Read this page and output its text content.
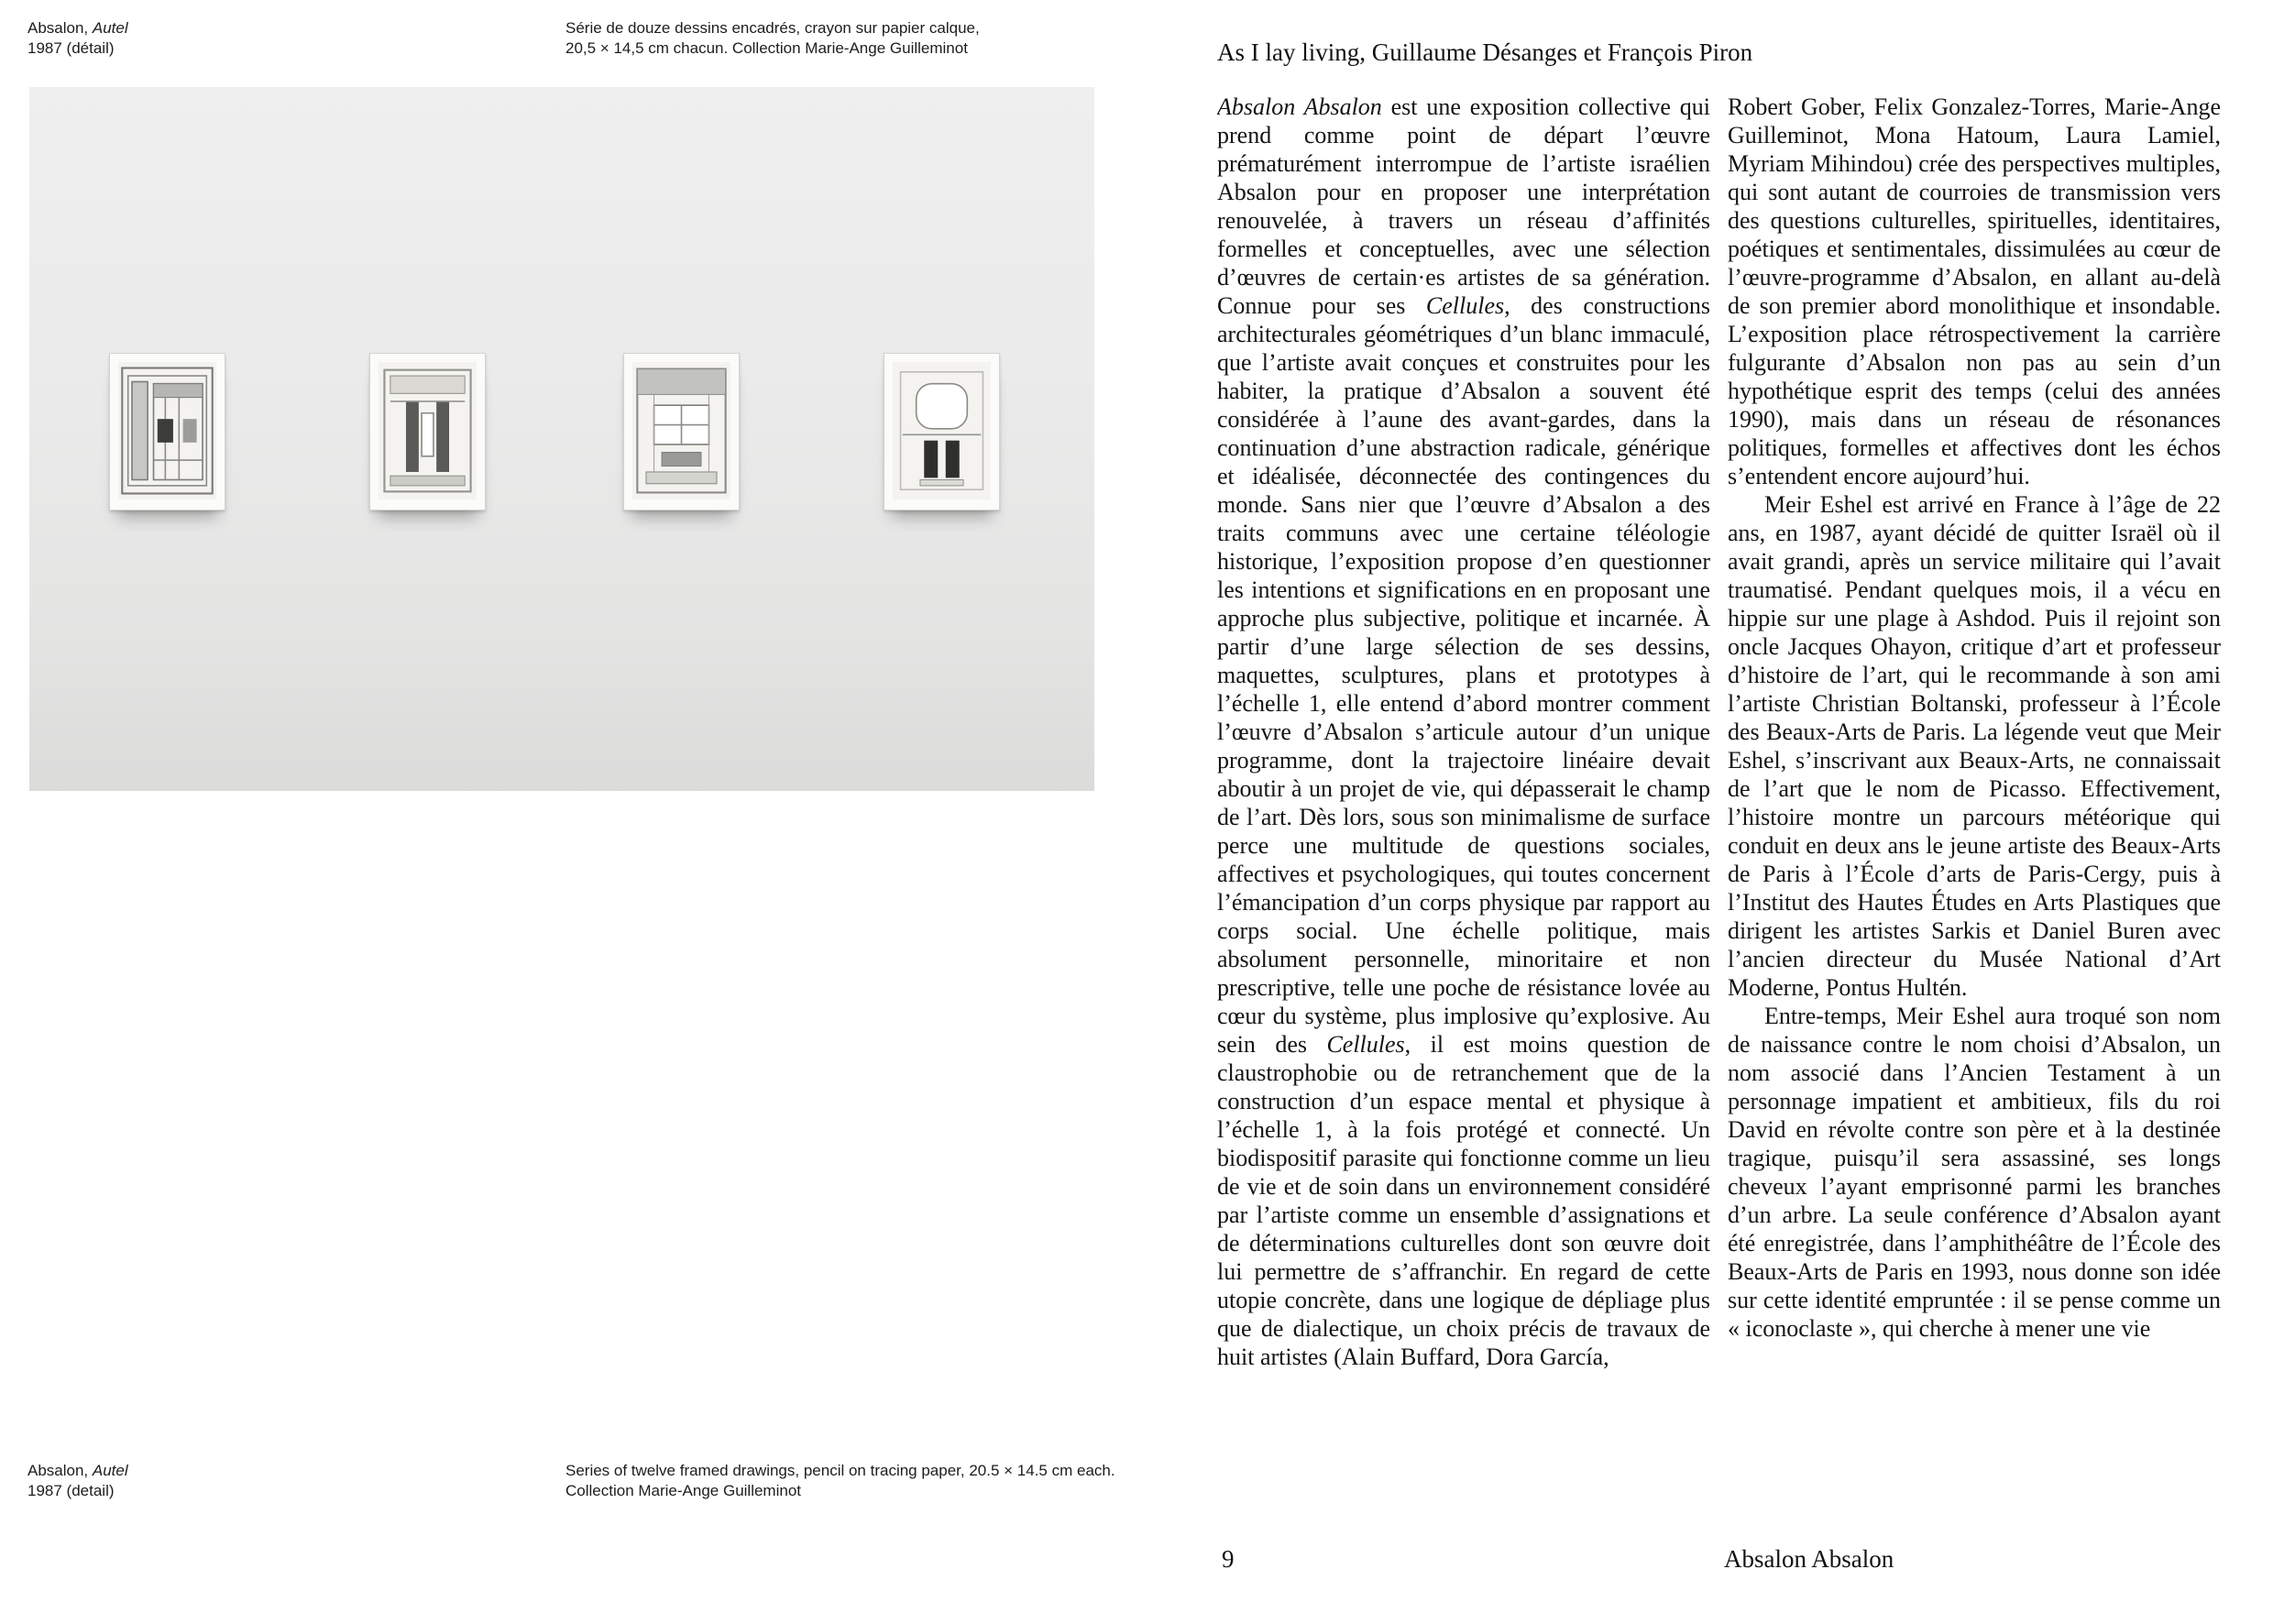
Absalon, Autel
1987 (détail)
Série de douze dessins encadrés, crayon sur papier calque,
20,5 × 14,5 cm chacun. Collection Marie-Ange Guilleminot
Absalon, Autel
1987 (detail)
Series of twelve framed drawings, pencil on tracing paper, 20.5 × 14.5 cm each.
Collection Marie-Ange Guilleminot
As I lay living, Guillaume Désanges et François Piron

Absalon Absalon est une exposition collective qui prend comme point de départ l’œuvre prématurément interrompue de l’artiste israélien Absalon pour en proposer une interprétation renouvelée, à travers un réseau d’affinités formelles et conceptuelles, avec une sélection d’œuvres de certain·es artistes de sa génération. Connue pour ses Cellules, des constructions architecturales géométriques d’un blanc immaculé, que l’artiste avait conçues et construites pour les habiter, la pratique d’Absalon a souvent été considérée à l’aune des avant-gardes, dans la continuation d’une abstraction radicale, générique et idéalisée, déconnectée des contingences du monde. Sans nier que l’œuvre d’Absalon a des traits communs avec une certaine téléologie historique, l’exposition propose d’en questionner les intentions et significations en en proposant une approche plus subjective, politique et incarnée. À partir d’une large sélection de ses dessins, maquettes, sculptures, plans et prototypes à l’échelle 1, elle entend d’abord montrer comment l’œuvre d’Absalon s’articule autour d’un unique programme, dont la trajectoire linéaire devait aboutir à un projet de vie, qui dépasserait le champ de l’art. Dès lors, sous son minimalisme de surface perce une multitude de questions sociales, affectives et psychologiques, qui toutes concernent l’émancipation d’un corps physique par rapport au corps social. Une échelle politique, mais absolument personnelle, minoritaire et non prescriptive, telle une poche de résistance lovée au cœur du système, plus implosive qu’explosive. Au sein des Cellules, il est moins question de claustrophobie ou de retranchement que de la construction d’un espace mental et physique à l’échelle 1, à la fois protégé et connecté. Un biodispositif parasite qui fonctionne comme un lieu de vie et de soin dans un environnement considéré par l’artiste comme un ensemble d’assignations et de déterminations culturelles dont son œuvre doit lui permettre de s’affranchir. En regard de cette utopie concrète, dans une logique de dépliage plus que de dialectique, un choix précis de travaux de huit artistes (Alain Buffard, Dora García,

Robert Gober, Felix Gonzalez-Torres, Marie-Ange Guilleminot, Mona Hatoum, Laura Lamiel, Myriam Mihindou) crée des perspectives multiples, qui sont autant de courroies de transmission vers des questions culturelles, spirituelles, identitaires, poétiques et sentimentales, dissimulées au cœur de l’œuvre-programme d’Absalon, en allant au-delà de son premier abord monolithique et insondable. L’exposition place rétrospectivement la carrière fulgurante d’Absalon non pas au sein d’un hypothétique esprit des temps (celui des années 1990), mais dans un réseau de résonances politiques, formelles et affectives dont les échos s’entendent encore aujourd’hui.

Meir Eshel est arrivé en France à l’âge de 22 ans, en 1987, ayant décidé de quitter Israël où il avait grandi, après un service militaire qui l’avait traumatisé. Pendant quelques mois, il a vécu en hippie sur une plage à Ashdod. Puis il rejoint son oncle Jacques Ohayon, critique d’art et professeur d’histoire de l’art, qui le recommande à son ami l’artiste Christian Boltanski, professeur à l’École des Beaux-Arts de Paris. La légende veut que Meir Eshel, s’inscrivant aux Beaux-Arts, ne connaissait de l’art que le nom de Picasso. Effectivement, l’histoire montre un parcours météorique qui conduit en deux ans le jeune artiste des Beaux-Arts de Paris à l’École d’arts de Paris-Cergy, puis à l’Institut des Hautes Études en Arts Plastiques que dirigent les artistes Sarkis et Daniel Buren avec l’ancien directeur du Musée National d’Art Moderne, Pontus Hultén.

Entre-temps, Meir Eshel aura troqué son nom de naissance contre le nom choisi d’Absalon, un nom associé dans l’Ancien Testament à un personnage impatient et ambitieux, fils du roi David en révolte contre son père et à la destinée tragique, puisqu’il sera assassiné, ses longs cheveux l’ayant emprisonné parmi les branches d’un arbre. La seule conférence d’Absalon ayant été enregistrée, dans l’amphithéâtre de l’École des Beaux-Arts de Paris en 1993, nous donne son idée sur cette identité empruntée : il se pense comme un « iconoclaste », qui cherche à mener une vie

9	Absalon Absalon
